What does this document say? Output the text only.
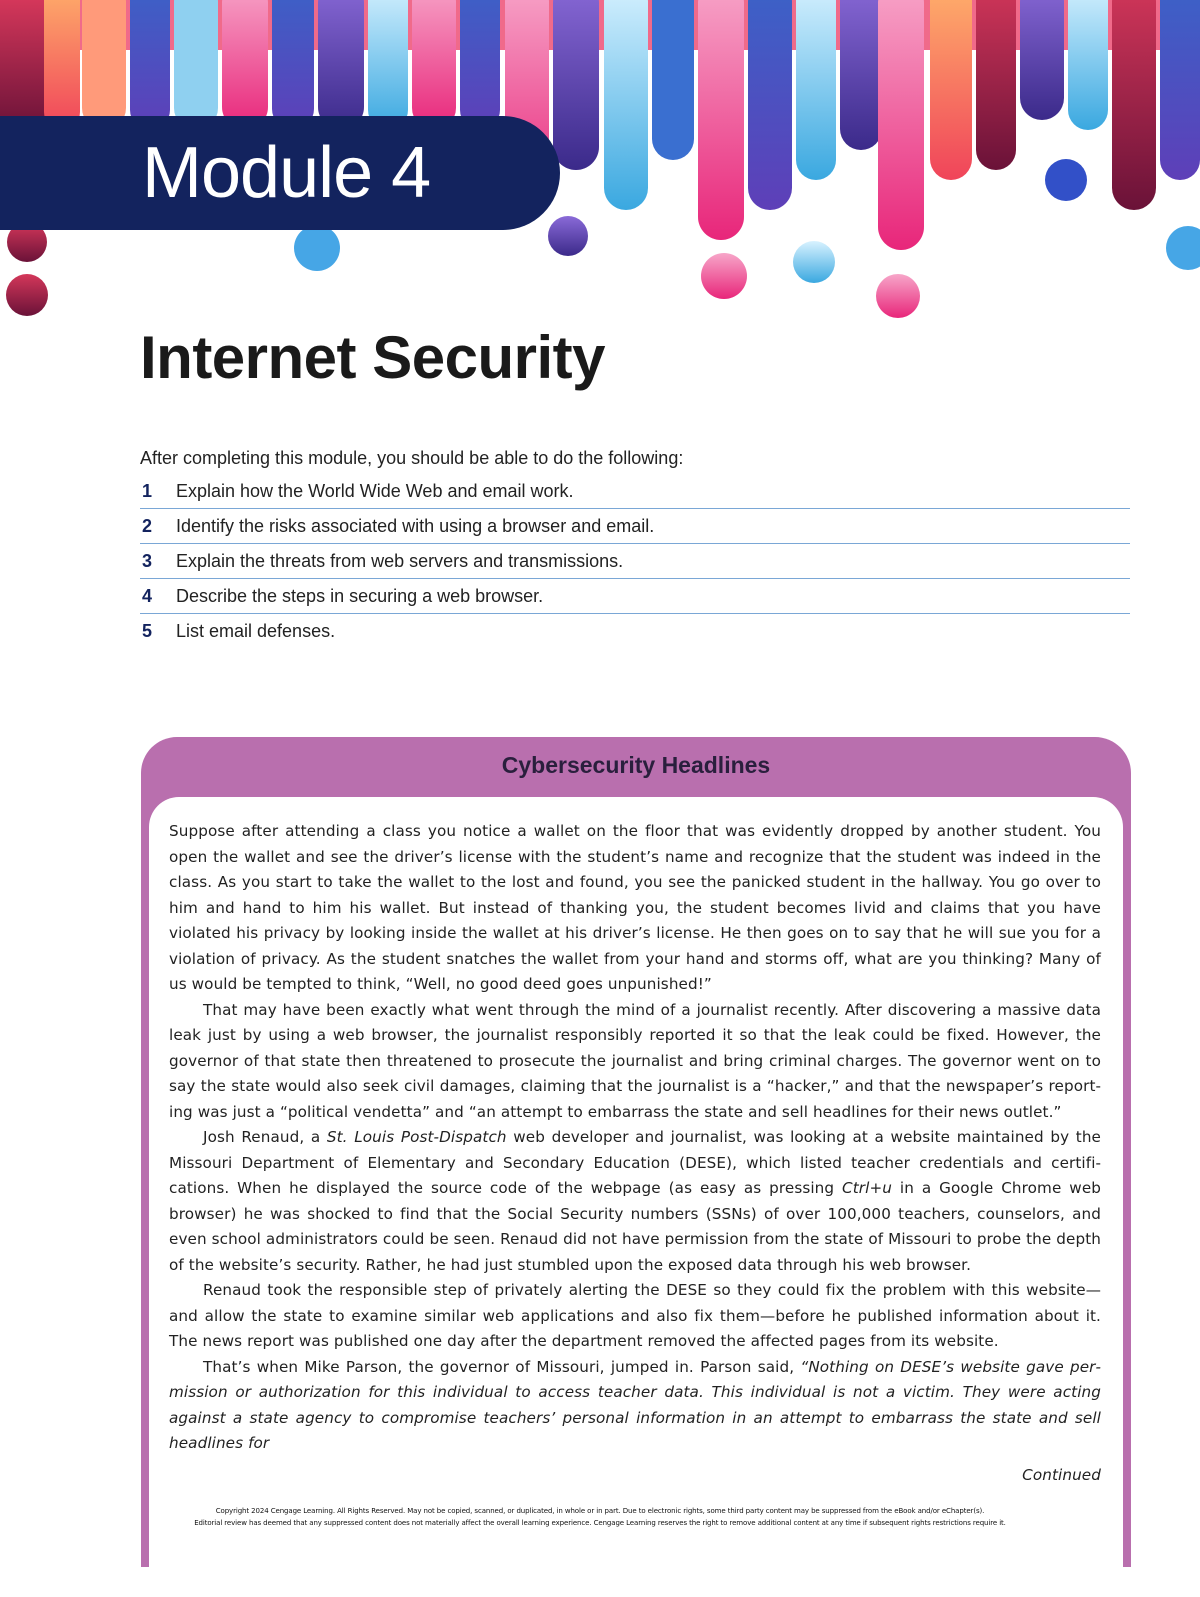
Module 4
Internet Security
After completing this module, you should be able to do the following:
1	Explain how the World Wide Web and email work.
2	Identify the risks associated with using a browser and email.
3	Explain the threats from web servers and transmissions.
4	Describe the steps in securing a web browser.
5	List email defenses.
Cybersecurity Headlines

Suppose after attending a class you notice a wallet on the floor that was evidently dropped by another student. You open the wallet and see the driver’s license with the student’s name and recognize that the student was indeed in the class. As you start to take the wallet to the lost and found, you see the panicked student in the hallway. You go over to him and hand to him his wallet. But instead of thanking you, the student becomes livid and claims that you have violated his privacy by looking inside the wallet at his driver’s license. He then goes on to say that he will sue you for a violation of privacy. As the student snatches the wallet from your hand and storms off, what are you thinking? Many of us would be tempted to think, “Well, no good deed goes unpunished!”

That may have been exactly what went through the mind of a journalist recently. After discovering a massive data leak just by using a web browser, the journalist responsibly reported it so that the leak could be fixed. However, the governor of that state then threatened to prosecute the journalist and bring criminal charges. The governor went on to say the state would also seek civil damages, claiming that the journalist is a “hacker,” and that the newspaper’s reporting was just a “political vendetta” and “an attempt to embarrass the state and sell headlines for their news outlet.”

Josh Renaud, a St. Louis Post-Dispatch web developer and journalist, was looking at a website maintained by the Missouri Department of Elementary and Secondary Education (DESE), which listed teacher credentials and certifications. When he displayed the source code of the webpage (as easy as pressing Ctrl+u in a Google Chrome web browser) he was shocked to find that the Social Security numbers (SSNs) of over 100,000 teachers, counselors, and even school administrators could be seen. Renaud did not have permission from the state of Missouri to probe the depth of the website’s security. Rather, he had just stumbled upon the exposed data through his web browser.

Renaud took the responsible step of privately alerting the DESE so they could fix the problem with this website—and allow the state to examine similar web applications and also fix them—before he published information about it. The news report was published one day after the department removed the affected pages from its website.

That’s when Mike Parson, the governor of Missouri, jumped in. Parson said, “Nothing on DESE’s website gave permission or authorization for this individual to access teacher data. This individual is not a victim. They were acting against a state agency to compromise teachers’ personal information in an attempt to embarrass the state and sell headlines for

Continued

Copyright 2024 Cengage Learning. All Rights Reserved. May not be copied, scanned, or duplicated, in whole or in part. Due to electronic rights, some third party content may be suppressed from the eBook and/or eChapter(s).
Editorial review has deemed that any suppressed content does not materially affect the overall learning experience. Cengage Learning reserves the right to remove additional content at any time if subsequent rights restrictions require it.
